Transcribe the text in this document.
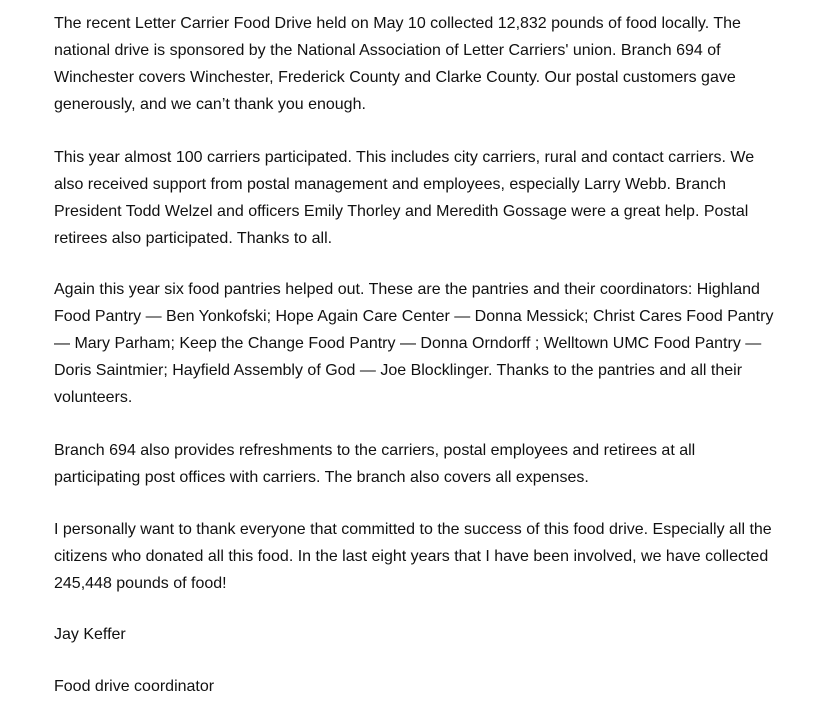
The recent Letter Carrier Food Drive held on May 10 collected 12,832 pounds of food locally. The national drive is sponsored by the National Association of Letter Carriers' union. Branch 694 of Winchester covers Winchester, Frederick County and Clarke County. Our postal customers gave generously, and we can’t thank you enough.

This year almost 100 carriers participated. This includes city carriers, rural and contact carriers. We also received support from postal management and employees, especially Larry Webb. Branch President Todd Welzel and officers Emily Thorley and Meredith Gossage were a great help. Postal retirees also participated. Thanks to all.

Again this year six food pantries helped out. These are the pantries and their coordinators: Highland Food Pantry — Ben Yonkofski; Hope Again Care Center — Donna Messick; Christ Cares Food Pantry — Mary Parham; Keep the Change Food Pantry — Donna Orndorff ; Welltown UMC Food Pantry — Doris Saintmier; Hayfield Assembly of God — Joe Blocklinger. Thanks to the pantries and all their volunteers.

Branch 694 also provides refreshments to the carriers, postal employees and retirees at all participating post offices with carriers. The branch also covers all expenses.

I personally want to thank everyone that committed to the success of this food drive. Especially all the citizens who donated all this food. In the last eight years that I have been involved, we have collected 245,448 pounds of food!

Jay Keffer

Food drive coordinator
